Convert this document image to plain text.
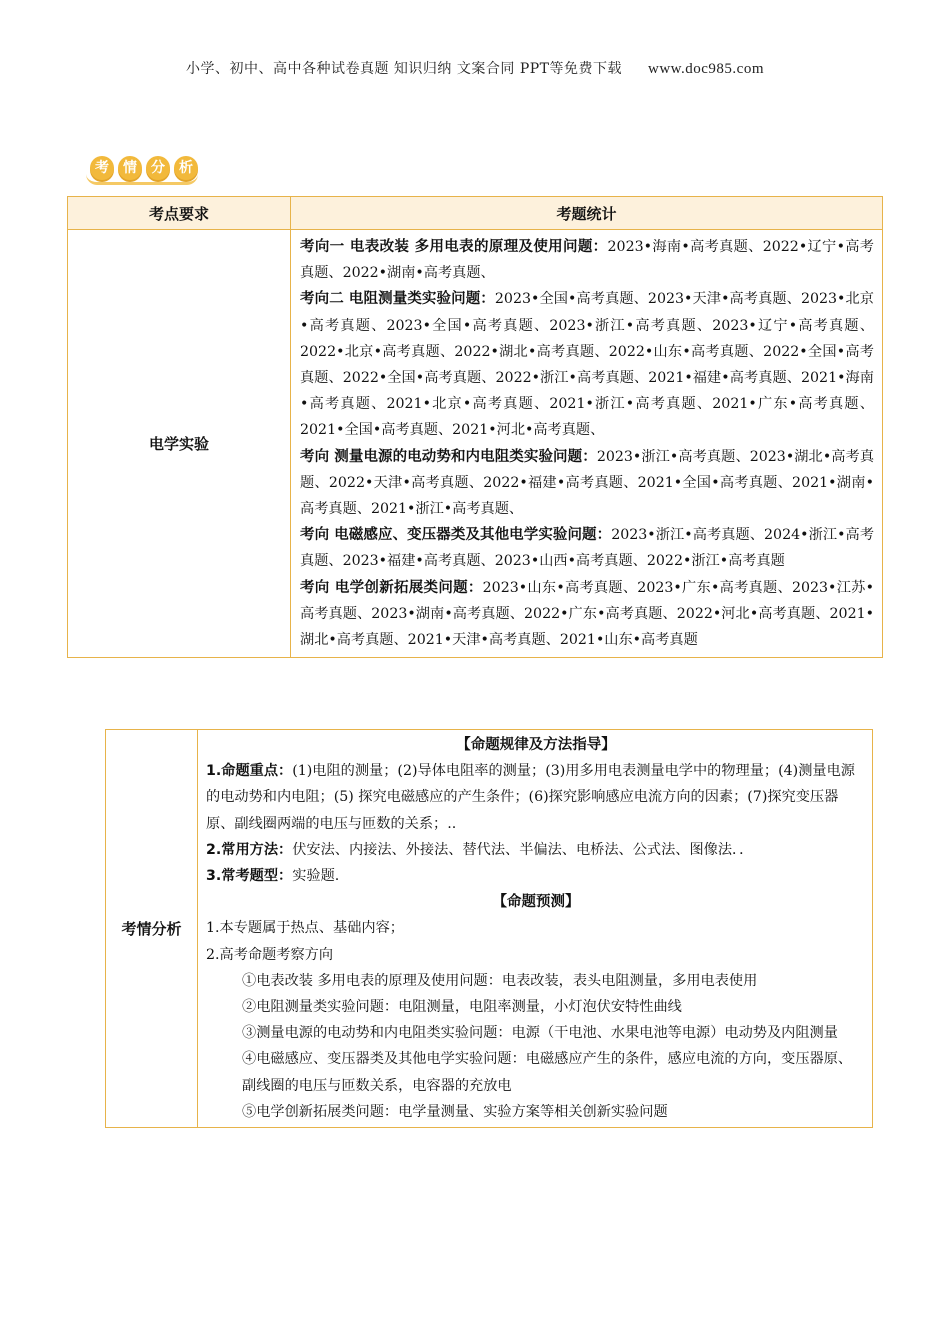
小学、初中、高中各种试卷真题 知识归纳 文案合同 PPT等免费下载 www.doc985.com
考	情	分	析
考点要求	考题统计
电学实验	考向一 电表改装 多用电表的原理及使用问题：2023•海南•高考真题、2022•辽宁•高考真题、2022•湖南•高考真题、
考向二 电阻测量类实验问题：2023•全国•高考真题、2023•天津•高考真题、2023•北京•高考真题、2023•全国•高考真题、2023•浙江•高考真题、2023•辽宁•高考真题、2022•北京•高考真题、2022•湖北•高考真题、2022•山东•高考真题、2022•全国•高考真题、2022•全国•高考真题、2022•浙江•高考真题、2021•福建•高考真题、2021•海南•高考真题、2021•北京•高考真题、2021•浙江•高考真题、2021•广东•高考真题、2021•全国•高考真题、2021•河北•高考真题、
考向 测量电源的电动势和内电阻类实验问题：2023•浙江•高考真题、2023•湖北•高考真题、2022•天津•高考真题、2022•福建•高考真题、2021•全国•高考真题、2021•湖南•高考真题、2021•浙江•高考真题、
考向 电磁感应、变压器类及其他电学实验问题：2023•浙江•高考真题、2024•浙江•高考真题、2023•福建•高考真题、2023•山西•高考真题、2022•浙江•高考真题
考向 电学创新拓展类问题：2023•山东•高考真题、2023•广东•高考真题、2023•江苏•高考真题、2023•湖南•高考真题、2022•广东•高考真题、2022•河北•高考真题、2021•湖北•高考真题、2021•天津•高考真题、2021•山东•高考真题
考情分析	
【命题规律及方法指导】
1.命题重点：(1)电阻的测量；(2)导体电阻率的测量；(3)用多用电表测量电学中的物理量；(4)测量电源的电动势和内电阻；(5) 探究电磁感应的产生条件；(6)探究影响感应电流方向的因素；(7)探究变压器原、副线圈两端的电压与匝数的关系；..
2.常用方法：伏安法、内接法、外接法、替代法、半偏法、电桥法、公式法、图像法．．
3.常考题型：实验题.
【命题预测】
1.本专题属于热点、基础内容；
2.高考命题考察方向
①电表改装 多用电表的原理及使用问题：电表改装，表头电阻测量，多用电表使用
②电阻测量类实验问题：电阻测量，电阻率测量，小灯泡伏安特性曲线
③测量电源的电动势和内电阻类实验问题：电源（干电池、水果电池等电源）电动势及内阻测量
④电磁感应、变压器类及其他电学实验问题：电磁感应产生的条件，感应电流的方向，变压器原、副线圈的电压与匝数关系，电容器的充放电
⑤电学创新拓展类问题：电学量测量、实验方案等相关创新实验问题
